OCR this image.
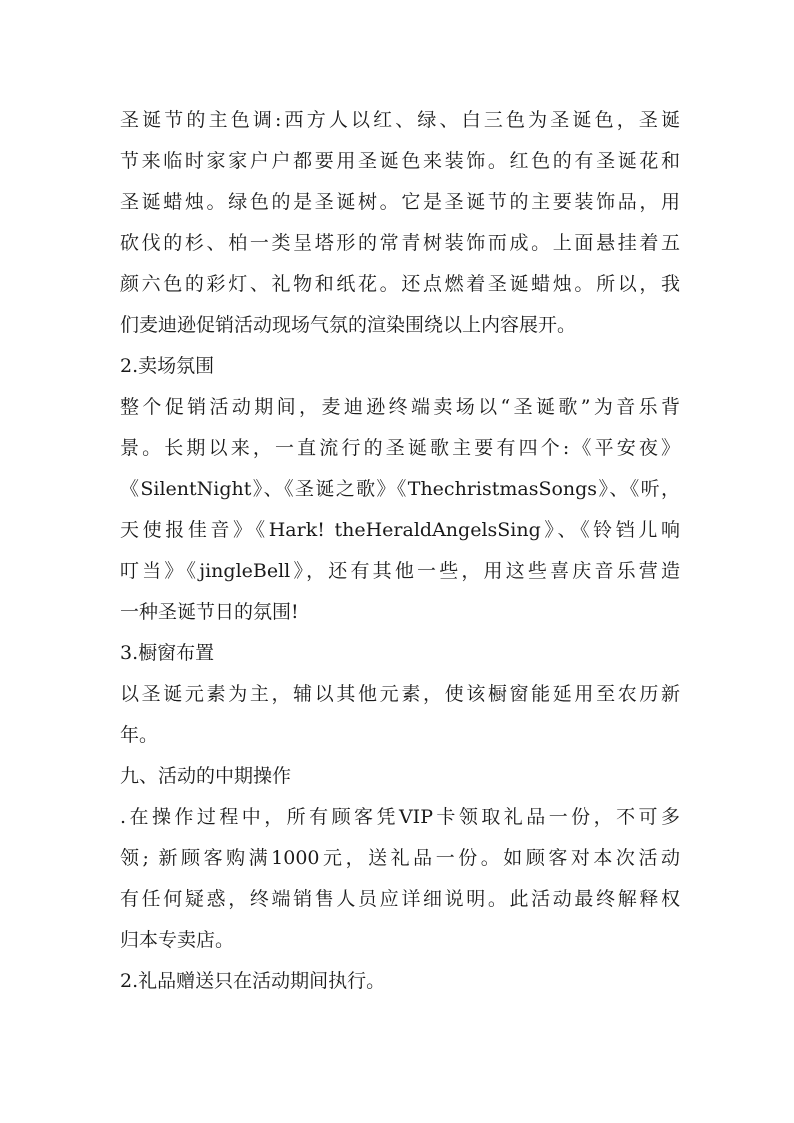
圣诞节的主色调:西方人以红、绿、白三色为圣诞色，圣诞
节来临时家家户户都要用圣诞色来装饰。红色的有圣诞花和
圣诞蜡烛。绿色的是圣诞树。它是圣诞节的主要装饰品，用
砍伐的杉、柏一类呈塔形的常青树装饰而成。上面悬挂着五
颜六色的彩灯、礼物和纸花。还点燃着圣诞蜡烛。所以，我
们麦迪逊促销活动现场气氛的渲染围绕以上内容展开。
2.卖场氛围
整个促销活动期间，麦迪逊终端卖场以“圣诞歌”为音乐背
景。长期以来，一直流行的圣诞歌主要有四个:《平安夜》
《SilentNight》、《圣诞之歌》《ThechristmasSongs》、《听，
天使报佳音》《Hark! theHeraldAngelsSing》、《铃铛儿响
叮当》《jingleBell》，还有其他一些，用这些喜庆音乐营造
一种圣诞节日的氛围!
3.橱窗布置
以圣诞元素为主，辅以其他元素，使该橱窗能延用至农历新
年。
九、活动的中期操作
.在操作过程中，所有顾客凭VIP卡领取礼品一份，不可多
领; 新顾客购满1000元，送礼品一份。如顾客对本次活动
有任何疑惑，终端销售人员应详细说明。此活动最终解释权
归本专卖店。
2.礼品赠送只在活动期间执行。
